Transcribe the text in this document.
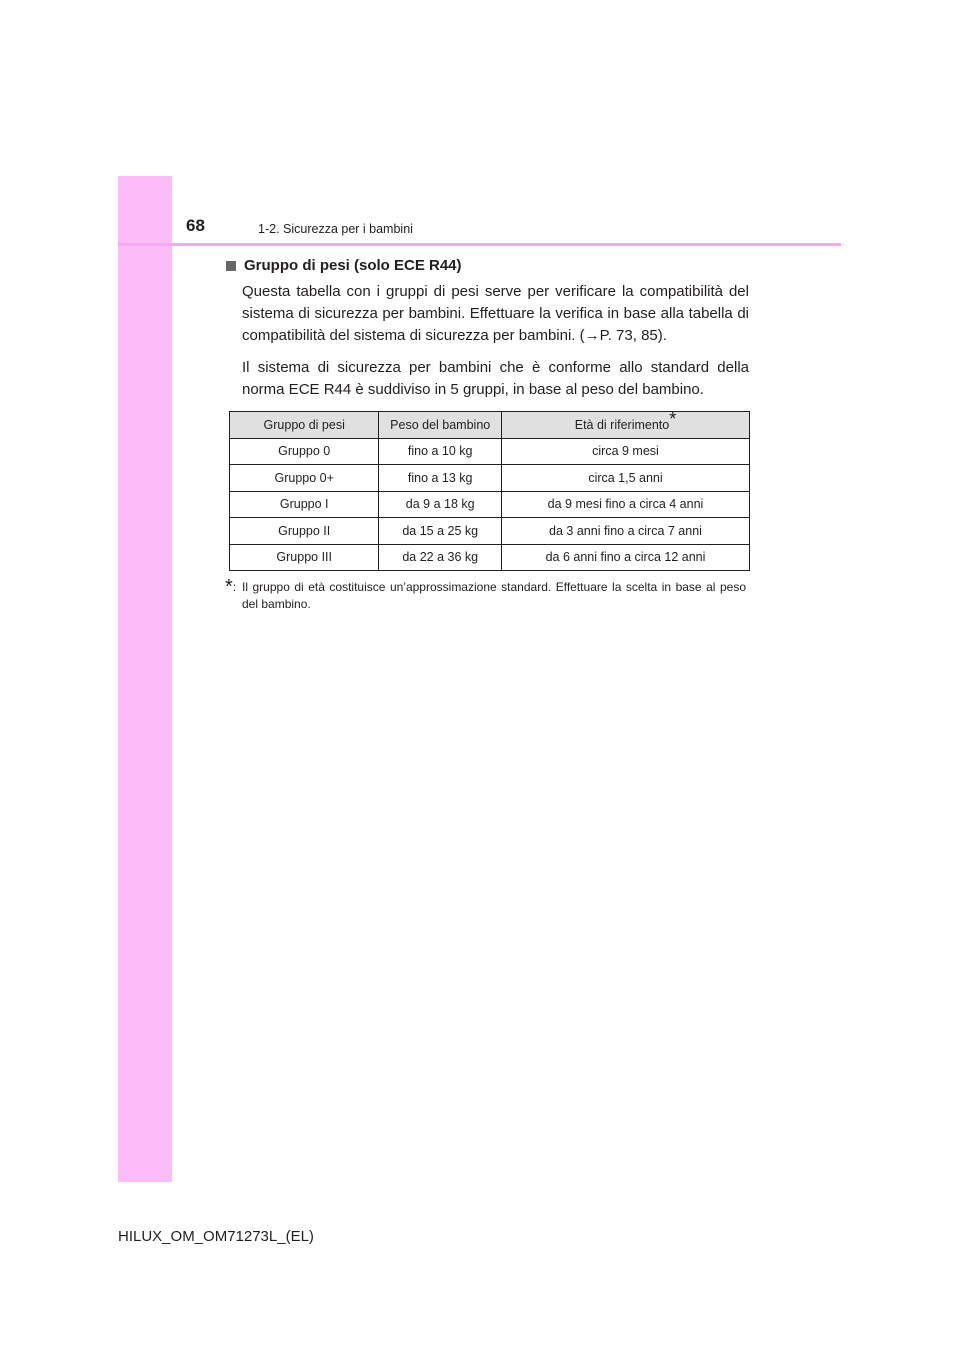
68	1-2. Sicurezza per i bambini
Gruppo di pesi (solo ECE R44)

Questa tabella con i gruppi di pesi serve per verificare la compatibilità del sistema di sicurezza per bambini. Effettuare la verifica in base alla tabella di compatibilità del sistema di sicurezza per bambini. (→P. 73, 85).

Il sistema di sicurezza per bambini che è conforme allo standard della norma ECE R44 è suddiviso in 5 gruppi, in base al peso del bambino.

Gruppo di pesi	Peso del bambino	Età di riferimento*
Gruppo 0	fino a 10 kg	circa 9 mesi
Gruppo 0+	fino a 13 kg	circa 1,5 anni
Gruppo I	da 9 a 18 kg	da 9 mesi fino a circa 4 anni
Gruppo II	da 15 a 25 kg	da 3 anni fino a circa 7 anni
Gruppo III	da 22 a 36 kg	da 6 anni fino a circa 12 anni
*: Il gruppo di età costituisce un’approssimazione standard. Effettuare la scelta in base al peso del bambino.
HILUX_OM_OM71273L_(EL)
